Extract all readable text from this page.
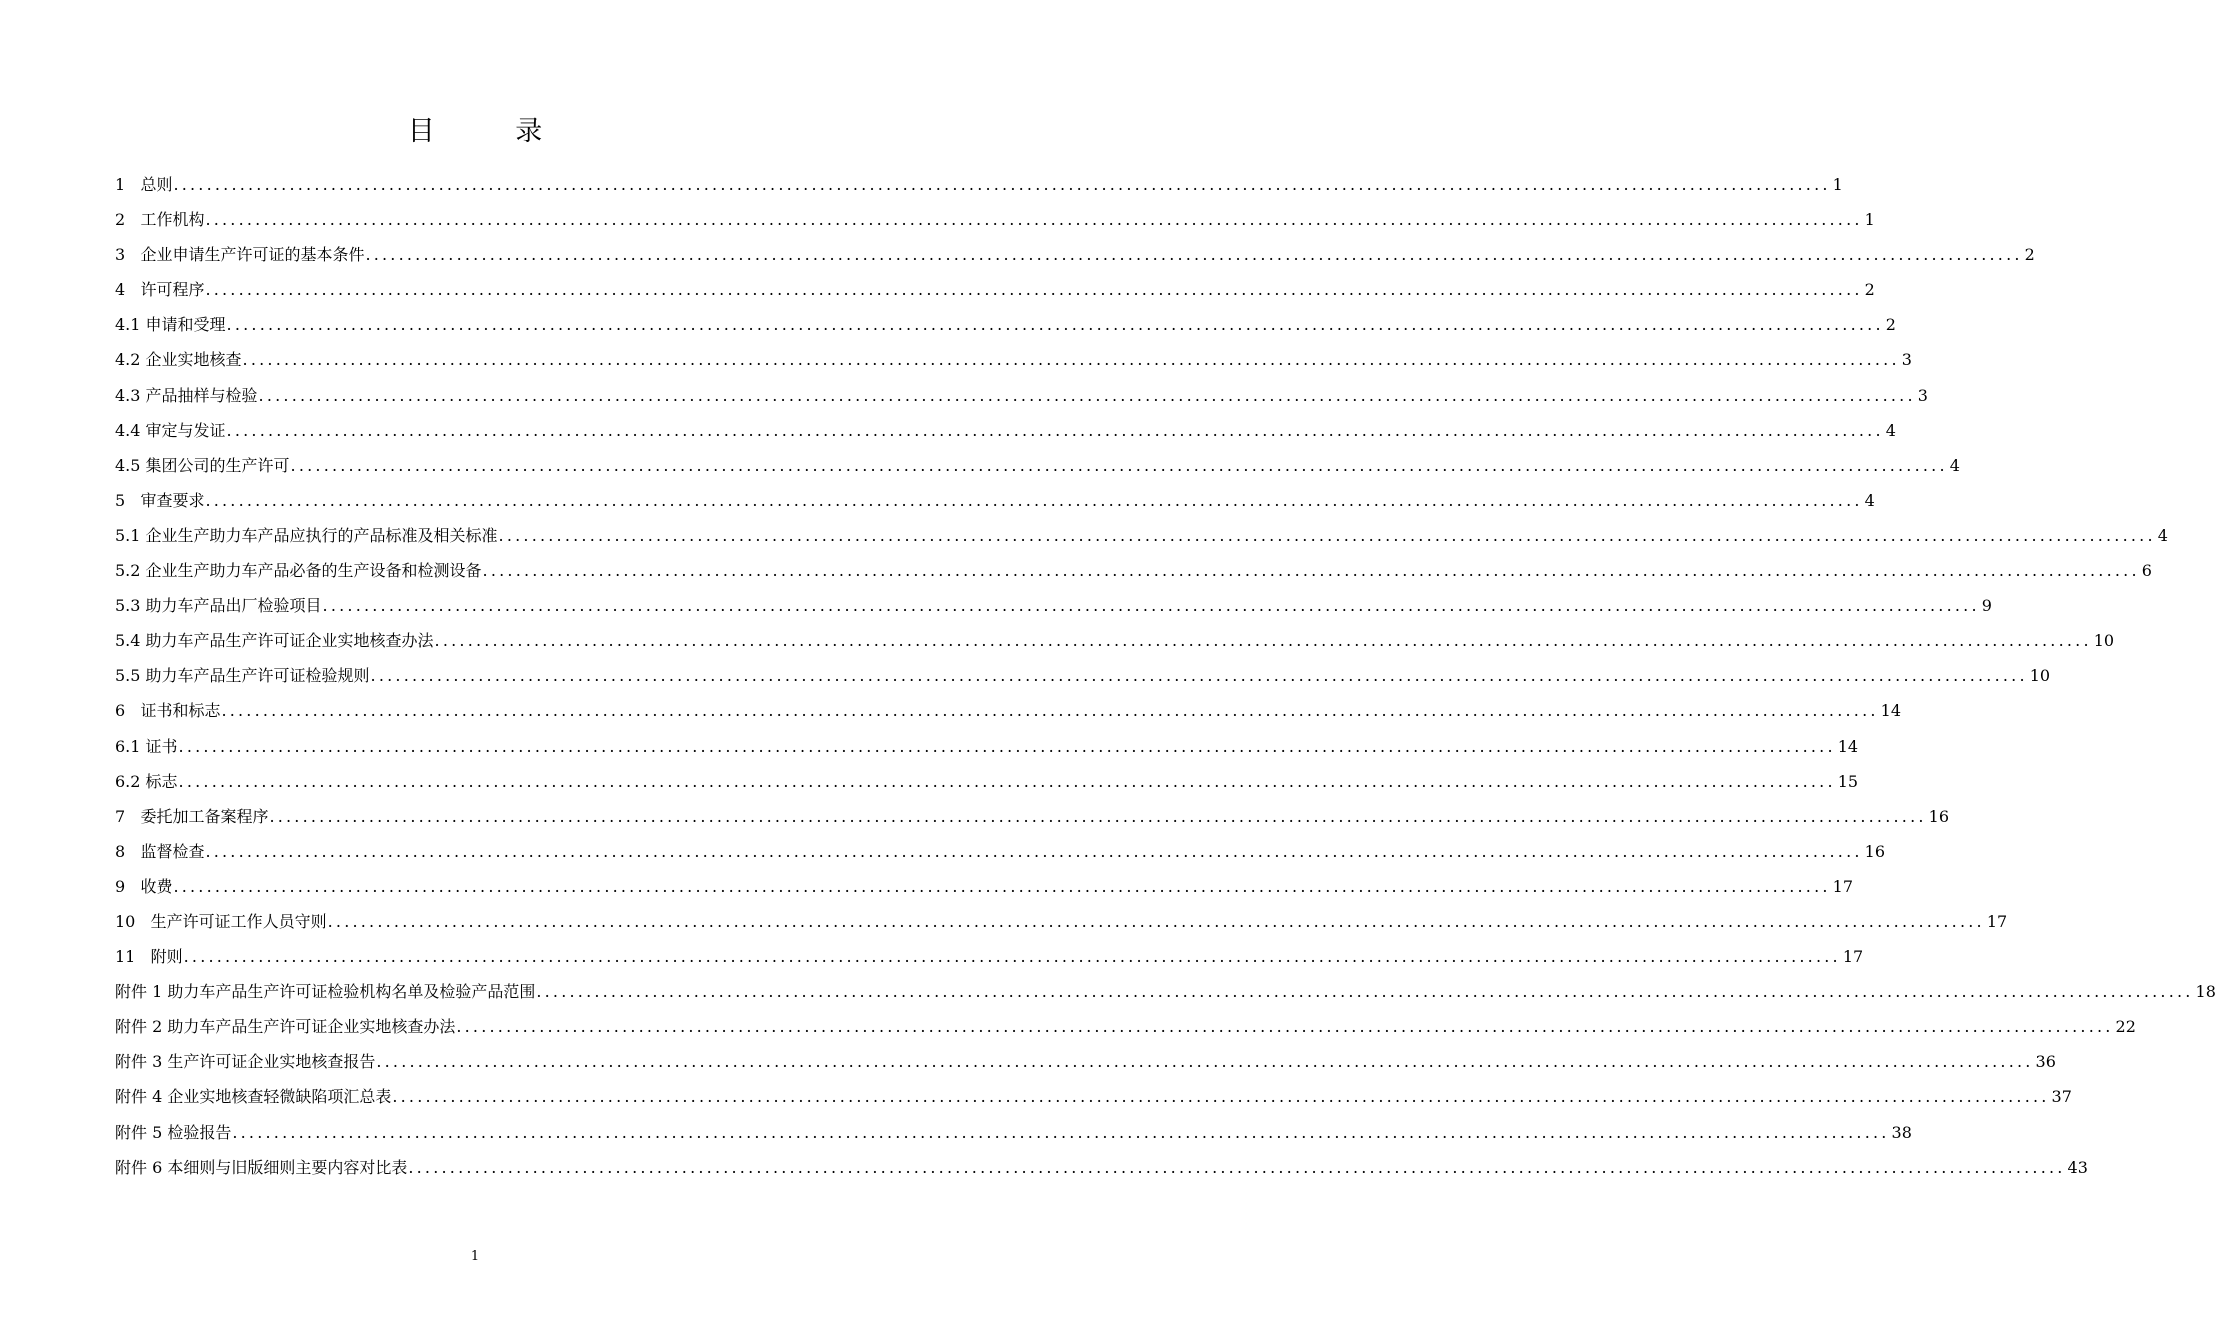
目 录
1   总则 ........................................................................................................................................................................................................ 1
2   工作机构 ........................................................................................................................................................................................................ 1
3   企业申请生产许可证的基本条件 ........................................................................................................................................................................................................ 2
4   许可程序 ........................................................................................................................................................................................................ 2
4.1 申请和受理 ........................................................................................................................................................................................................ 2
4.2 企业实地核查 ........................................................................................................................................................................................................ 3
4.3 产品抽样与检验 ........................................................................................................................................................................................................ 3
4.4 审定与发证 ........................................................................................................................................................................................................ 4
4.5 集团公司的生产许可 ........................................................................................................................................................................................................ 4
5   审查要求 ........................................................................................................................................................................................................ 4
5.1 企业生产助力车产品应执行的产品标准及相关标准 ........................................................................................................................................................................................................ 4
5.2 企业生产助力车产品必备的生产设备和检测设备 ........................................................................................................................................................................................................ 6
5.3 助力车产品出厂检验项目 ........................................................................................................................................................................................................ 9
5.4 助力车产品生产许可证企业实地核查办法 ........................................................................................................................................................................................................ 10
5.5 助力车产品生产许可证检验规则 ........................................................................................................................................................................................................ 10
6   证书和标志 ........................................................................................................................................................................................................ 14
6.1 证书 ........................................................................................................................................................................................................ 14
6.2 标志 ........................................................................................................................................................................................................ 15
7   委托加工备案程序 ........................................................................................................................................................................................................ 16
8   监督检查 ........................................................................................................................................................................................................ 16
9   收费 ........................................................................................................................................................................................................ 17
10   生产许可证工作人员守则 ........................................................................................................................................................................................................ 17
11   附则 ........................................................................................................................................................................................................ 17
附件 1 助力车产品生产许可证检验机构名单及检验产品范围 ........................................................................................................................................................................................................ 18
附件 2 助力车产品生产许可证企业实地核查办法 ........................................................................................................................................................................................................ 22
附件 3 生产许可证企业实地核查报告 ........................................................................................................................................................................................................ 36
附件 4 企业实地核查轻微缺陷项汇总表 ........................................................................................................................................................................................................ 37
附件 5 检验报告 ........................................................................................................................................................................................................ 38
附件 6 本细则与旧版细则主要内容对比表 ........................................................................................................................................................................................................ 43
1
